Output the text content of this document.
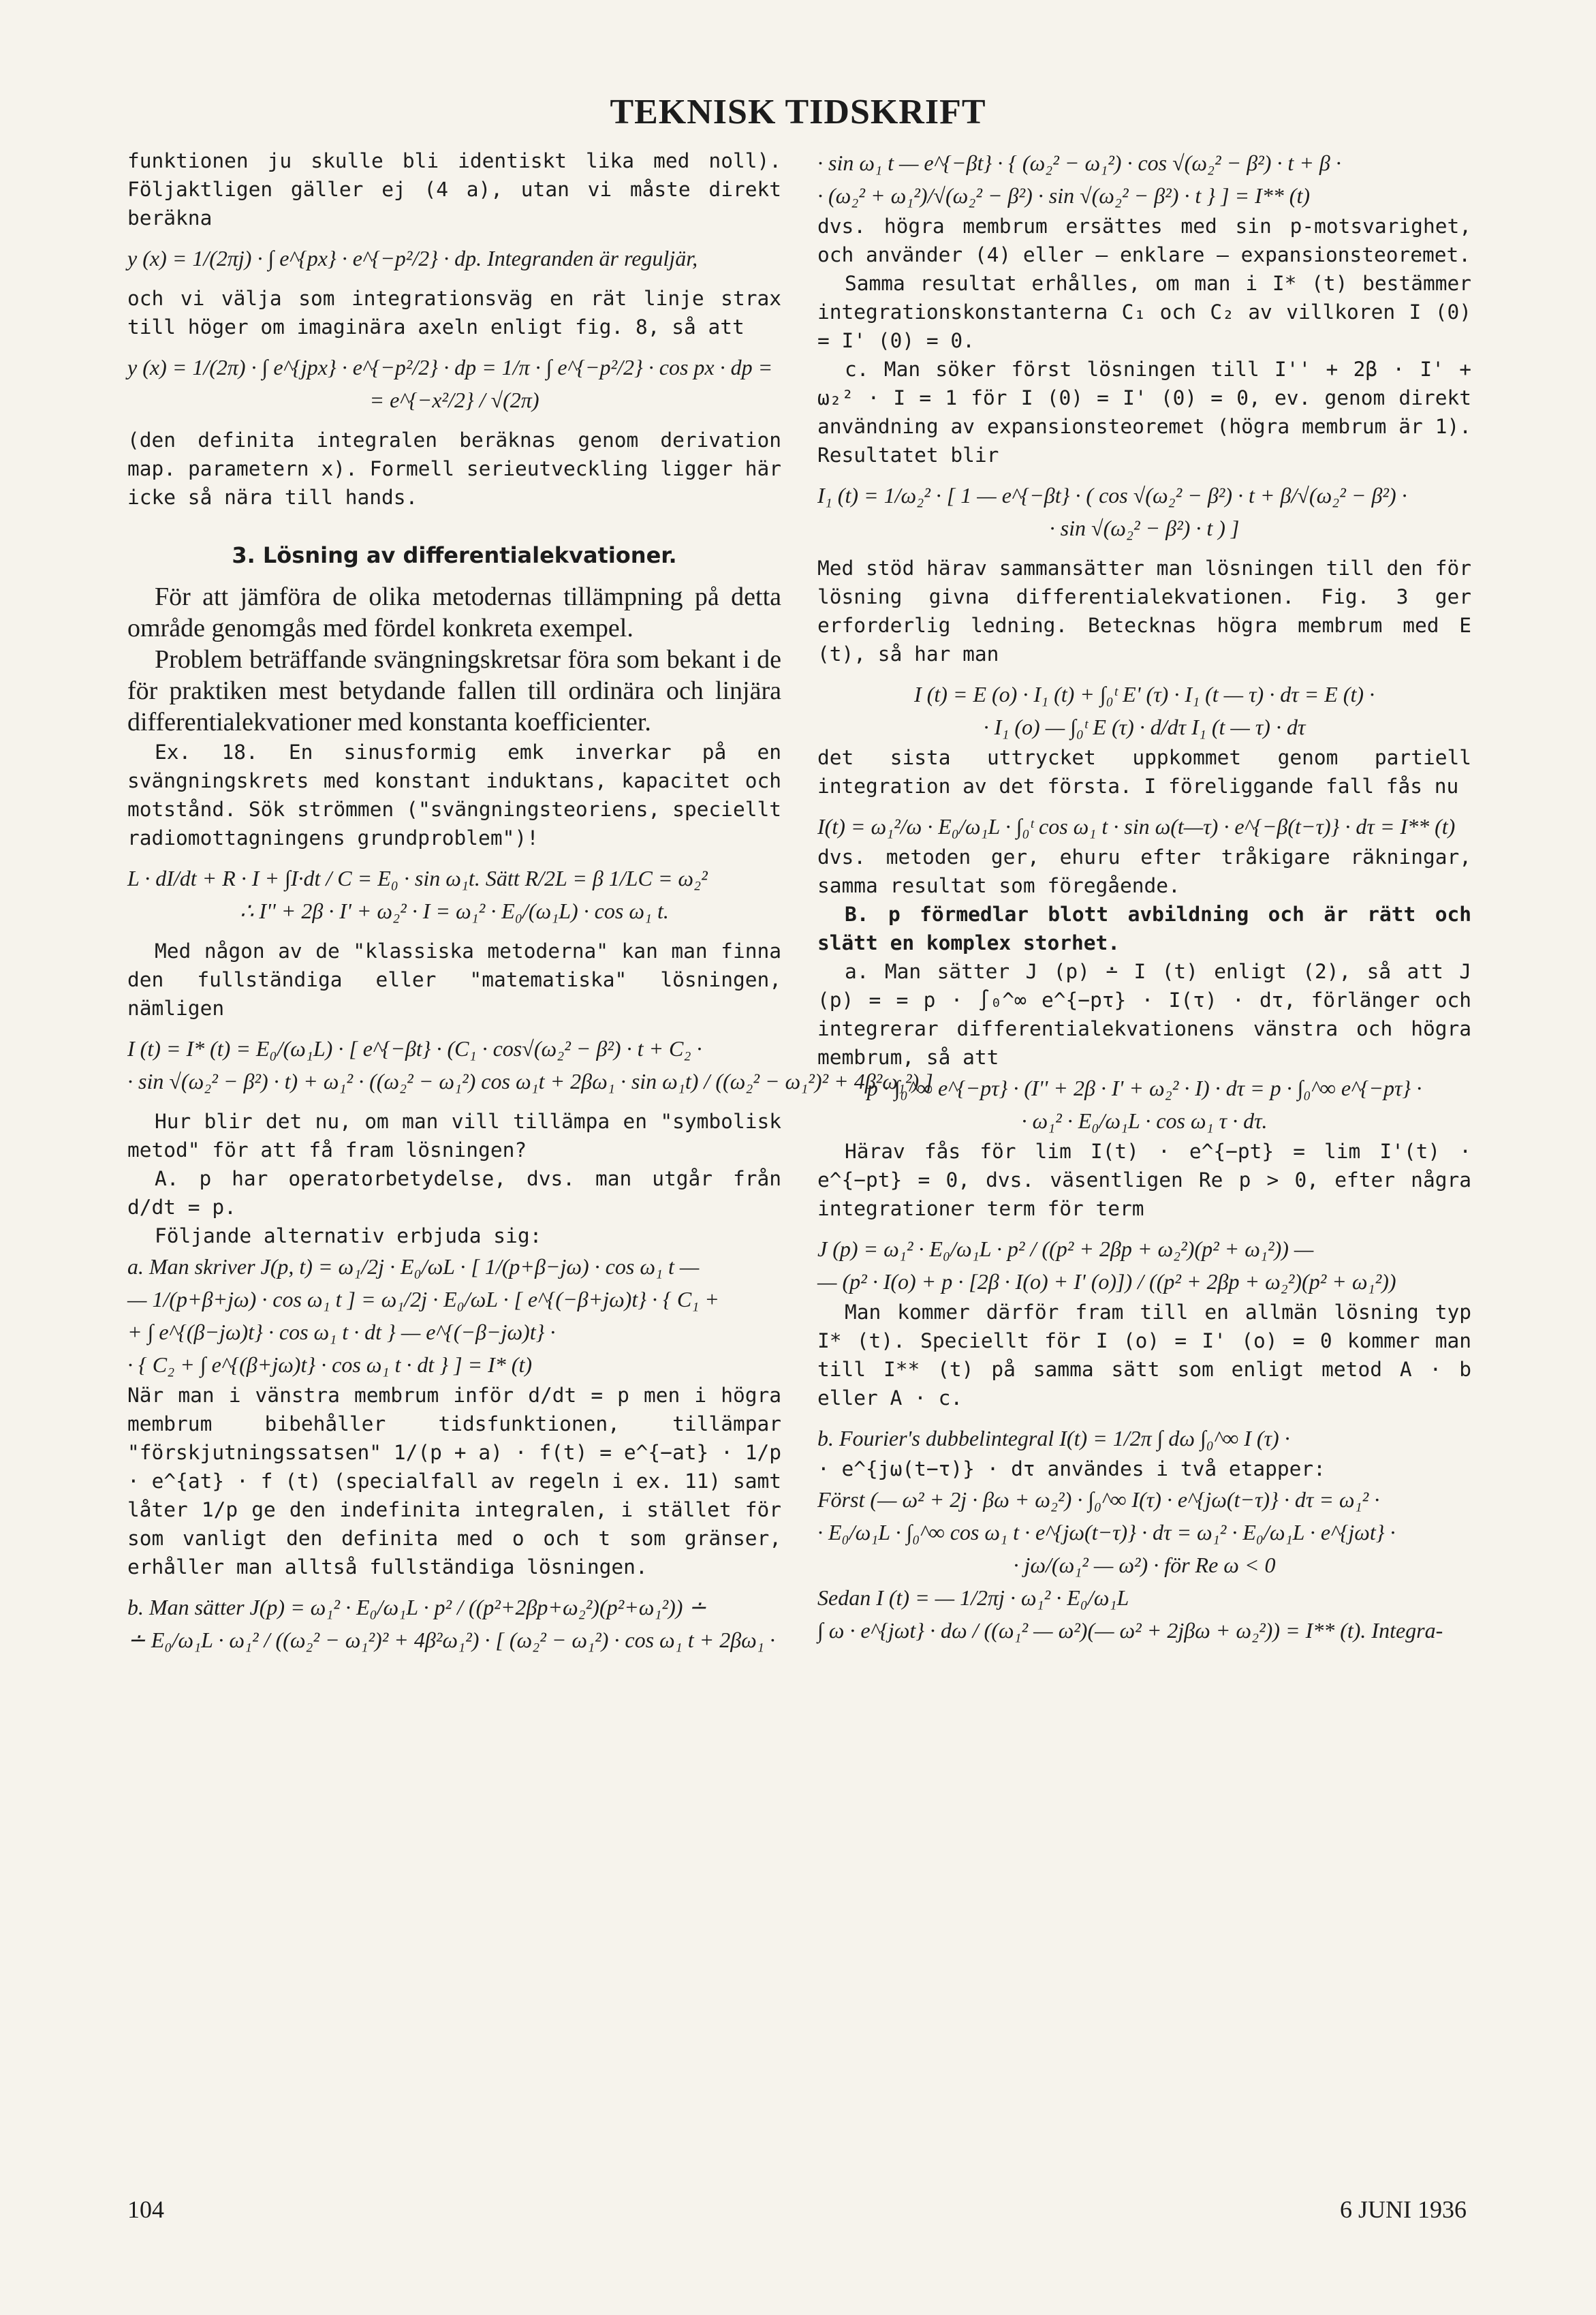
TEKNISK TIDSKRIFT

funktionen ju skulle bli identiskt lika med noll). Följaktligen gäller ej (4 a), utan vi måste direkt beräkna

y (x) = 1/(2πj) · ∫ e^{px} · e^{−p²/2} · dp. Integranden är reguljär,

och vi välja som integrationsväg en rät linje strax till höger om imaginära axeln enligt fig. 8, så att

y (x) = 1/(2π) · ∫ e^{jpx} · e^{−p²/2} · dp = 1/π · ∫ e^{−p²/2} · cos px · dp =

= e^{−x²/2} / √(2π)

(den definita integralen beräknas genom derivation map. parametern x). Formell serieutveckling ligger här icke så nära till hands.

3. Lösning av differentialekvationer.

För att jämföra de olika metodernas tillämpning på detta område genomgås med fördel konkreta exempel.

Problem beträffande svängningskretsar föra som bekant i de för praktiken mest betydande fallen till ordinära och linjära differentialekvationer med konstanta koefficienter.

Ex. 18. En sinusformig emk inverkar på en svängningskrets med konstant induktans, kapacitet och motstånd. Sök strömmen ("svängningsteoriens, speciellt radiomottagningens grundproblem")!

L · dI/dt + R · I + ∫I·dt / C = E₀ · sin ω₁t. Sätt R/2L = β 1/LC = ω₂²

∴ I'' + 2β · I' + ω₂² · I = ω₁² · E₀/(ω₁L) · cos ω₁ t.

Med någon av de "klassiska metoderna" kan man finna den fullständiga eller "matematiska" lösningen, nämligen

I (t) = I* (t) = E₀/(ω₁L) · [ e^{−βt} · (C₁ · cos√(ω₂² − β²) · t + C₂ ·

· sin √(ω₂² − β²) · t) + ω₁² · ((ω₂² − ω₁²) cos ω₁t + 2βω₁ · sin ω₁t) / ((ω₂² − ω₁²)² + 4β²ω₁²) ]

Hur blir det nu, om man vill tillämpa en "symbolisk metod" för att få fram lösningen?

A. p har operatorbetydelse, dvs. man utgår från d/dt = p.

Följande alternativ erbjuda sig:

a. Man skriver J(p, t) = ω₁/2j · E₀/ωL · [ 1/(p+β−jω) · cos ω₁ t —

— 1/(p+β+jω) · cos ω₁ t ] = ω₁/2j · E₀/ωL · [ e^{(−β+jω)t} · { C₁ +

+ ∫ e^{(β−jω)t} · cos ω₁ t · dt } — e^{(−β−jω)t} ·

· { C₂ + ∫ e^{(β+jω)t} · cos ω₁ t · dt } ] = I* (t)

När man i vänstra membrum inför d/dt = p men i högra membrum bibehåller tidsfunktionen, tillämpar "förskjutningssatsen" 1/(p + a) · f(t) = e^{−at} · 1/p · e^{at} · f (t) (specialfall av regeln i ex. 11) samt låter 1/p ge den indefinita integralen, i stället för som vanligt den definita med o och t som gränser, erhåller man alltså fullständiga lösningen.

b. Man sätter J(p) = ω₁² · E₀/ω₁L · p² / ((p²+2βp+ω₂²)(p²+ω₁²)) ∸

∸ E₀/ω₁L · ω₁² / ((ω₂² − ω₁²)² + 4β²ω₁²) · [ (ω₂² − ω₁²) · cos ω₁ t + 2βω₁ ·

· sin ω₁ t — e^{−βt} · { (ω₂² − ω₁²) · cos √(ω₂² − β²) · t + β ·

· (ω₂² + ω₁²)/√(ω₂² − β²) · sin √(ω₂² − β²) · t } ] = I** (t)

dvs. högra membrum ersättes med sin p-motsvarighet, och använder (4) eller — enklare — expansionsteoremet.

Samma resultat erhålles, om man i I* (t) bestämmer integrationskonstanterna C₁ och C₂ av villkoren I (0) = I' (0) = 0.

c. Man söker först lösningen till I'' + 2β · I' + ω₂² · I = 1 för I (0) = I' (0) = 0, ev. genom direkt användning av expansionsteoremet (högra membrum är 1). Resultatet blir

I₁ (t) = 1/ω₂² · [ 1 — e^{−βt} · ( cos √(ω₂² − β²) · t + β/√(ω₂² − β²) ·

· sin √(ω₂² − β²) · t ) ]

Med stöd härav sammansätter man lösningen till den för lösning givna differentialekvationen. Fig. 3 ger erforderlig ledning. Betecknas högra membrum med E (t), så har man

I (t) = E (o) · I₁ (t) + ∫₀ᵗ E' (τ) · I₁ (t — τ) · dτ = E (t) ·

· I₁ (o) — ∫₀ᵗ E (τ) · d/dτ I₁ (t — τ) · dτ

det sista uttrycket uppkommet genom partiell integration av det första. I föreliggande fall fås nu

I(t) = ω₁²/ω · E₀/ω₁L · ∫₀ᵗ cos ω₁ t · sin ω(t—τ) · e^{−β(t−τ)} · dτ = I** (t)

dvs. metoden ger, ehuru efter tråkigare räkningar, samma resultat som föregående.

B. p förmedlar blott avbildning och är rätt och slätt en komplex storhet.

a. Man sätter J (p) ∸ I (t) enligt (2), så att J (p) = = p · ∫₀^∞ e^{−pτ} · I(τ) · dτ, förlänger och integrerar differentialekvationens vänstra och högra membrum, så att

p · ∫₀^∞ e^{−pτ} · (I'' + 2β · I' + ω₂² · I) · dτ = p · ∫₀^∞ e^{−pτ} ·

· ω₁² · E₀/ω₁L · cos ω₁ τ · dτ.

Härav fås för lim I(t) · e^{−pt} = lim I'(t) · e^{−pt} = 0, dvs. väsentligen Re p > 0, efter några integrationer term för term

J (p) = ω₁² · E₀/ω₁L · p² / ((p² + 2βp + ω₂²)(p² + ω₁²)) —

— (p² · I(o) + p · [2β · I(o) + I' (o)]) / ((p² + 2βp + ω₂²)(p² + ω₁²))

Man kommer därför fram till en allmän lösning typ I* (t). Speciellt för I (o) = I' (o) = 0 kommer man till I** (t) på samma sätt som enligt metod A · b eller A · c.

b. Fourier's dubbelintegral I(t) = 1/2π ∫ dω ∫₀^∞ I (τ) ·

· e^{jω(t−τ)} · dτ användes i två etapper:

Först (— ω² + 2j · βω + ω₂²) · ∫₀^∞ I(τ) · e^{jω(t−τ)} · dτ = ω₁² ·

· E₀/ω₁L · ∫₀^∞ cos ω₁ t · e^{jω(t−τ)} · dτ = ω₁² · E₀/ω₁L · e^{jωt} ·

· jω/(ω₁² — ω²) · för Re ω < 0

Sedan I (t) = — 1/2πj · ω₁² · E₀/ω₁L

∫ ω · e^{jωt} · dω / ((ω₁² — ω²)(— ω² + 2jβω + ω₂²)) = I** (t). Integra-

104	6 JUNI 1936
